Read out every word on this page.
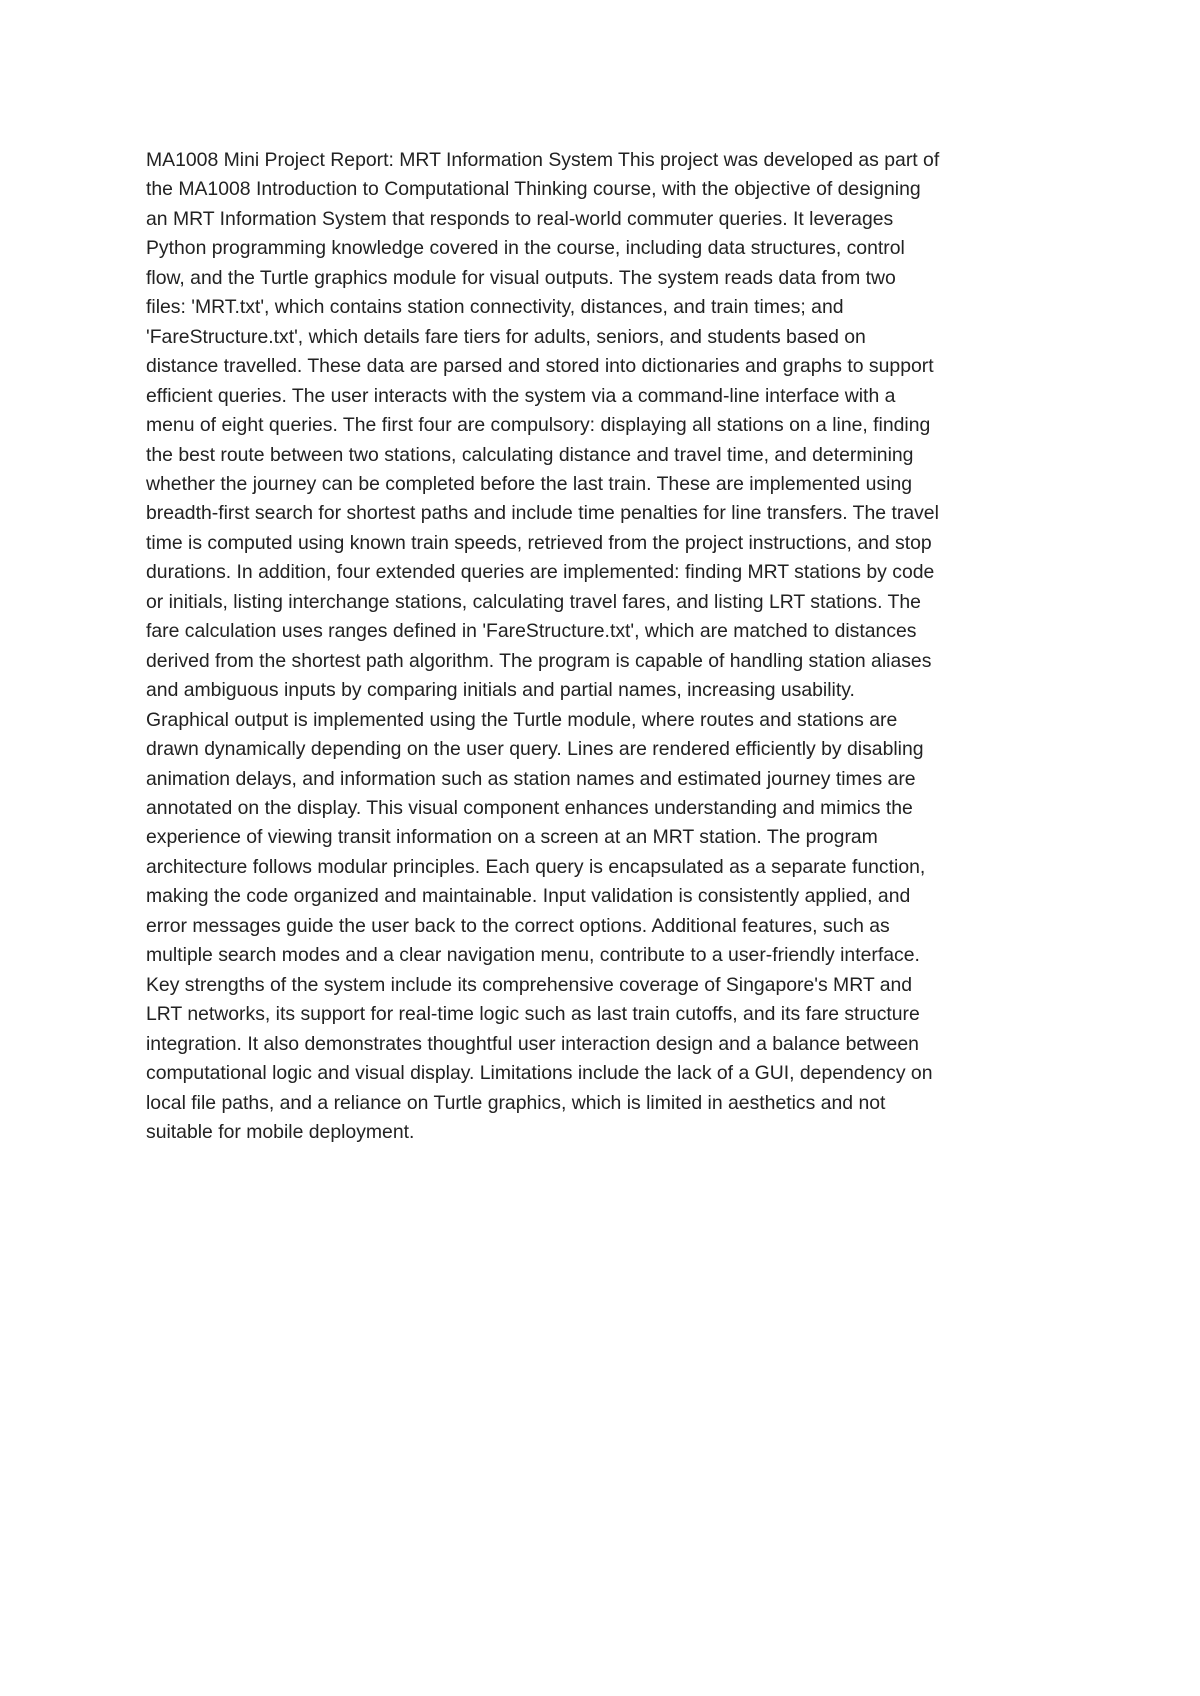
MA1008 Mini Project Report: MRT Information System This project was developed as part of
the MA1008 Introduction to Computational Thinking course, with the objective of designing
an MRT Information System that responds to real-world commuter queries. It leverages
Python programming knowledge covered in the course, including data structures, control
flow, and the Turtle graphics module for visual outputs. The system reads data from two
files: 'MRT.txt', which contains station connectivity, distances, and train times; and
'FareStructure.txt', which details fare tiers for adults, seniors, and students based on
distance travelled. These data are parsed and stored into dictionaries and graphs to support
efficient queries. The user interacts with the system via a command-line interface with a
menu of eight queries. The first four are compulsory: displaying all stations on a line, finding
the best route between two stations, calculating distance and travel time, and determining
whether the journey can be completed before the last train. These are implemented using
breadth-first search for shortest paths and include time penalties for line transfers. The travel
time is computed using known train speeds, retrieved from the project instructions, and stop
durations. In addition, four extended queries are implemented: finding MRT stations by code
or initials, listing interchange stations, calculating travel fares, and listing LRT stations. The
fare calculation uses ranges defined in 'FareStructure.txt', which are matched to distances
derived from the shortest path algorithm. The program is capable of handling station aliases
and ambiguous inputs by comparing initials and partial names, increasing usability.
Graphical output is implemented using the Turtle module, where routes and stations are
drawn dynamically depending on the user query. Lines are rendered efficiently by disabling
animation delays, and information such as station names and estimated journey times are
annotated on the display. This visual component enhances understanding and mimics the
experience of viewing transit information on a screen at an MRT station. The program
architecture follows modular principles. Each query is encapsulated as a separate function,
making the code organized and maintainable. Input validation is consistently applied, and
error messages guide the user back to the correct options. Additional features, such as
multiple search modes and a clear navigation menu, contribute to a user-friendly interface.
Key strengths of the system include its comprehensive coverage of Singapore's MRT and
LRT networks, its support for real-time logic such as last train cutoffs, and its fare structure
integration. It also demonstrates thoughtful user interaction design and a balance between
computational logic and visual display. Limitations include the lack of a GUI, dependency on
local file paths, and a reliance on Turtle graphics, which is limited in aesthetics and not
suitable for mobile deployment.
